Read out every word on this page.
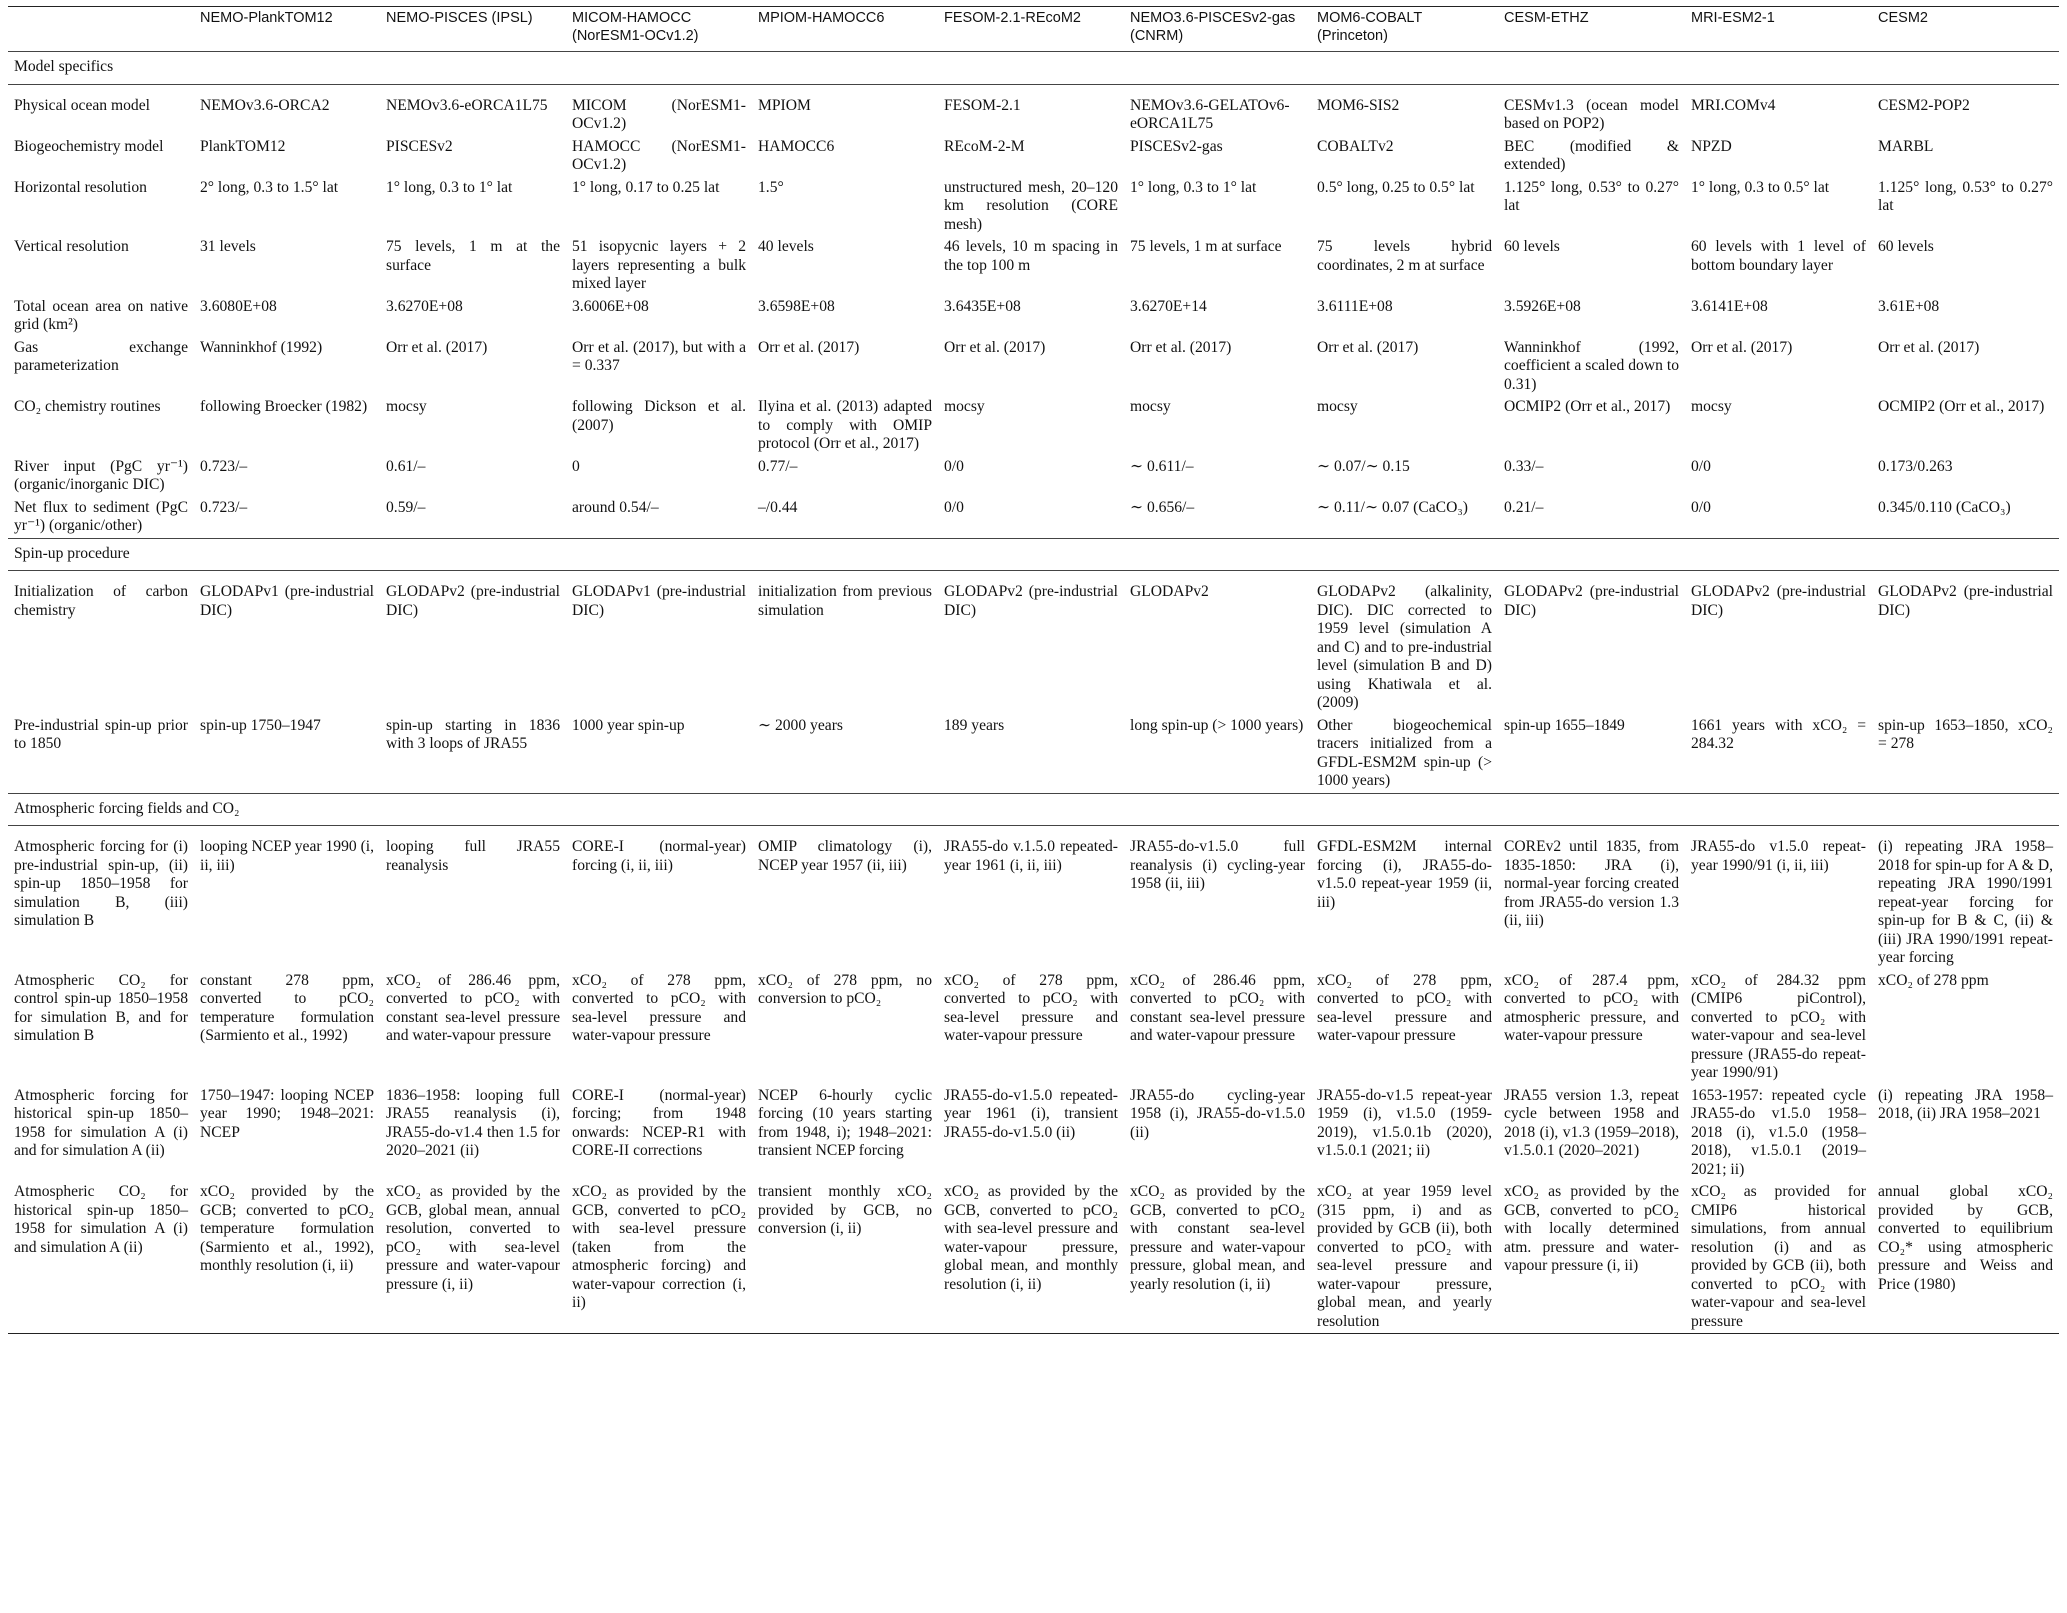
	NEMO-PlankTOM12	NEMO-PISCES (IPSL)	MICOM-HAMOCC (NorESM1-OCv1.2)	MPIOM-HAMOCC6	FESOM-2.1-REcoM2	NEMO3.6-PISCESv2-gas (CNRM)	MOM6-COBALT (Princeton)	CESM-ETHZ	MRI-ESM2-1	CESM2
Model specifics										
Physical ocean model	NEMOv3.6-ORCA2	NEMOv3.6-eORCA1L75	MICOM (NorESM1-OCv1.2)	MPIOM	FESOM-2.1	NEMOv3.6-GELATOv6-eORCA1L75	MOM6-SIS2	CESMv1.3 (ocean model based on POP2)	MRI.COMv4	CESM2-POP2
Biogeochemistry model	PlankTOM12	PISCESv2	HAMOCC (NorESM1-OCv1.2)	HAMOCC6	REcoM-2-M	PISCESv2-gas	COBALTv2	BEC (modified & extended)	NPZD	MARBL
Horizontal resolution	2° long, 0.3 to 1.5° lat	1° long, 0.3 to 1° lat	1° long, 0.17 to 0.25 lat	1.5°	unstructured mesh, 20–120 km resolution (CORE mesh)	1° long, 0.3 to 1° lat	0.5° long, 0.25 to 0.5° lat	1.125° long, 0.53° to 0.27° lat	1° long, 0.3 to 0.5° lat	1.125° long, 0.53° to 0.27° lat
Vertical resolution	31 levels	75 levels, 1 m at the surface	51 isopycnic layers + 2 layers representing a bulk mixed layer	40 levels	46 levels, 10 m spacing in the top 100 m	75 levels, 1 m at surface	75 levels hybrid coordinates, 2 m at surface	60 levels	60 levels with 1 level of bottom boundary layer	60 levels
Total ocean area on native grid (km²)	3.6080E+08	3.6270E+08	3.6006E+08	3.6598E+08	3.6435E+08	3.6270E+14	3.6111E+08	3.5926E+08	3.6141E+08	3.61E+08
Gas exchange parameterization	Wanninkhof (1992)	Orr et al. (2017)	Orr et al. (2017), but with a = 0.337	Orr et al. (2017)	Orr et al. (2017)	Orr et al. (2017)	Orr et al. (2017)	Wanninkhof (1992, coefficient a scaled down to 0.31)	Orr et al. (2017)	Orr et al. (2017)
CO₂ chemistry routines	following Broecker (1982)	mocsy	following Dickson et al. (2007)	Ilyina et al. (2013) adapted to comply with OMIP protocol (Orr et al., 2017)	mocsy	mocsy	mocsy	OCMIP2 (Orr et al., 2017)	mocsy	OCMIP2 (Orr et al., 2017)
River input (PgC yr⁻¹) (organic/inorganic DIC)	0.723/–	0.61/–	0	0.77/–	0/0	∼ 0.611/–	∼ 0.07/∼ 0.15	0.33/–	0/0	0.173/0.263
Net flux to sediment (PgC yr⁻¹) (organic/other)	0.723/–	0.59/–	around 0.54/–	–/0.44	0/0	∼ 0.656/–	∼ 0.11/∼ 0.07 (CaCO₃)	0.21/–	0/0	0.345/0.110 (CaCO₃)
Spin-up procedure										
Initialization of carbon chemistry	GLODAPv1 (pre-industrial DIC)	GLODAPv2 (pre-industrial DIC)	GLODAPv1 (pre-industrial DIC)	initialization from previous simulation	GLODAPv2 (pre-industrial DIC)	GLODAPv2	GLODAPv2 (alkalinity, DIC). DIC corrected to 1959 level (simulation A and C) and to pre-industrial level (simulation B and D) using Khatiwala et al. (2009)	GLODAPv2 (pre-industrial DIC)	GLODAPv2 (pre-industrial DIC)	GLODAPv2 (pre-industrial DIC)
Pre-industrial spin-up prior to 1850	spin-up 1750–1947	spin-up starting in 1836 with 3 loops of JRA55	1000 year spin-up	∼ 2000 years	189 years	long spin-up (> 1000 years)	Other biogeochemical tracers initialized from a GFDL-ESM2M spin-up (> 1000 years)	spin-up 1655–1849	1661 years with xCO₂ = 284.32	spin-up 1653–1850, xCO₂ = 278
Atmospheric forcing fields and CO₂										
Atmospheric forcing for (i) pre-industrial spin-up, (ii) spin-up 1850–1958 for simulation B, (iii) simulation B	looping NCEP year 1990 (i, ii, iii)	looping full JRA55 reanalysis	CORE-I (normal-year) forcing (i, ii, iii)	OMIP climatology (i), NCEP year 1957 (ii, iii)	JRA55-do v.1.5.0 repeated-year 1961 (i, ii, iii)	JRA55-do-v1.5.0 full reanalysis (i) cycling-year 1958 (ii, iii)	GFDL-ESM2M internal forcing (i), JRA55-do-v1.5.0 repeat-year 1959 (ii, iii)	COREv2 until 1835, from 1835-1850: JRA (i), normal-year forcing created from JRA55-do version 1.3 (ii, iii)	JRA55-do v1.5.0 repeat-year 1990/91 (i, ii, iii)	(i) repeating JRA 1958–2018 for spin-up for A & D, repeating JRA 1990/1991 repeat-year forcing for spin-up for B & C, (ii) & (iii) JRA 1990/1991 repeat-year forcing
Atmospheric CO₂ for control spin-up 1850–1958 for simulation B, and for simulation B	constant 278 ppm, converted to pCO₂ temperature formulation (Sarmiento et al., 1992)	xCO₂ of 286.46 ppm, converted to pCO₂ with constant sea-level pressure and water-vapour pressure	xCO₂ of 278 ppm, converted to pCO₂ with sea-level pressure and water-vapour pressure	xCO₂ of 278 ppm, no conversion to pCO₂	xCO₂ of 278 ppm, converted to pCO₂ with sea-level pressure and water-vapour pressure	xCO₂ of 286.46 ppm, converted to pCO₂ with constant sea-level pressure and water-vapour pressure	xCO₂ of 278 ppm, converted to pCO₂ with sea-level pressure and water-vapour pressure	xCO₂ of 287.4 ppm, converted to pCO₂ with atmospheric pressure, and water-vapour pressure	xCO₂ of 284.32 ppm (CMIP6 piControl), converted to pCO₂ with water-vapour and sea-level pressure (JRA55-do repeat-year 1990/91)	xCO₂ of 278 ppm
Atmospheric forcing for historical spin-up 1850–1958 for simulation A (i) and for simulation A (ii)	1750–1947: looping NCEP year 1990; 1948–2021: NCEP	1836–1958: looping full JRA55 reanalysis (i), JRA55-do-v1.4 then 1.5 for 2020–2021 (ii)	CORE-I (normal-year) forcing; from 1948 onwards: NCEP-R1 with CORE-II corrections	NCEP 6-hourly cyclic forcing (10 years starting from 1948, i); 1948–2021: transient NCEP forcing	JRA55-do-v1.5.0 repeated-year 1961 (i), transient JRA55-do-v1.5.0 (ii)	JRA55-do cycling-year 1958 (i), JRA55-do-v1.5.0 (ii)	JRA55-do-v1.5 repeat-year 1959 (i), v1.5.0 (1959-2019), v1.5.0.1b (2020), v1.5.0.1 (2021; ii)	JRA55 version 1.3, repeat cycle between 1958 and 2018 (i), v1.3 (1959–2018), v1.5.0.1 (2020–2021)	1653-1957: repeated cycle JRA55-do v1.5.0 1958–2018 (i), v1.5.0 (1958–2018), v1.5.0.1 (2019–2021; ii)	(i) repeating JRA 1958–2018, (ii) JRA 1958–2021
Atmospheric CO₂ for historical spin-up 1850–1958 for simulation A (i) and simulation A (ii)	xCO₂ provided by the GCB; converted to pCO₂ temperature formulation (Sarmiento et al., 1992), monthly resolution (i, ii)	xCO₂ as provided by the GCB, global mean, annual resolution, converted to pCO₂ with sea-level pressure and water-vapour pressure (i, ii)	xCO₂ as provided by the GCB, converted to pCO₂ with sea-level pressure (taken from the atmospheric forcing) and water-vapour correction (i, ii)	transient monthly xCO₂ provided by GCB, no conversion (i, ii)	xCO₂ as provided by the GCB, converted to pCO₂ with sea-level pressure and water-vapour pressure, global mean, and monthly resolution (i, ii)	xCO₂ as provided by the GCB, converted to pCO₂ with constant sea-level pressure and water-vapour pressure, global mean, and yearly resolution (i, ii)	xCO₂ at year 1959 level (315 ppm, i) and as provided by GCB (ii), both converted to pCO₂ with sea-level pressure and water-vapour pressure, global mean, and yearly resolution	xCO₂ as provided by the GCB, converted to pCO₂ with locally determined atm. pressure and water-vapour pressure (i, ii)	xCO₂ as provided for CMIP6 historical simulations, from annual resolution (i) and as provided by GCB (ii), both converted to pCO₂ with water-vapour and sea-level pressure	annual global xCO₂ provided by GCB, converted to equilibrium CO₂* using atmospheric pressure and Weiss and Price (1980)
